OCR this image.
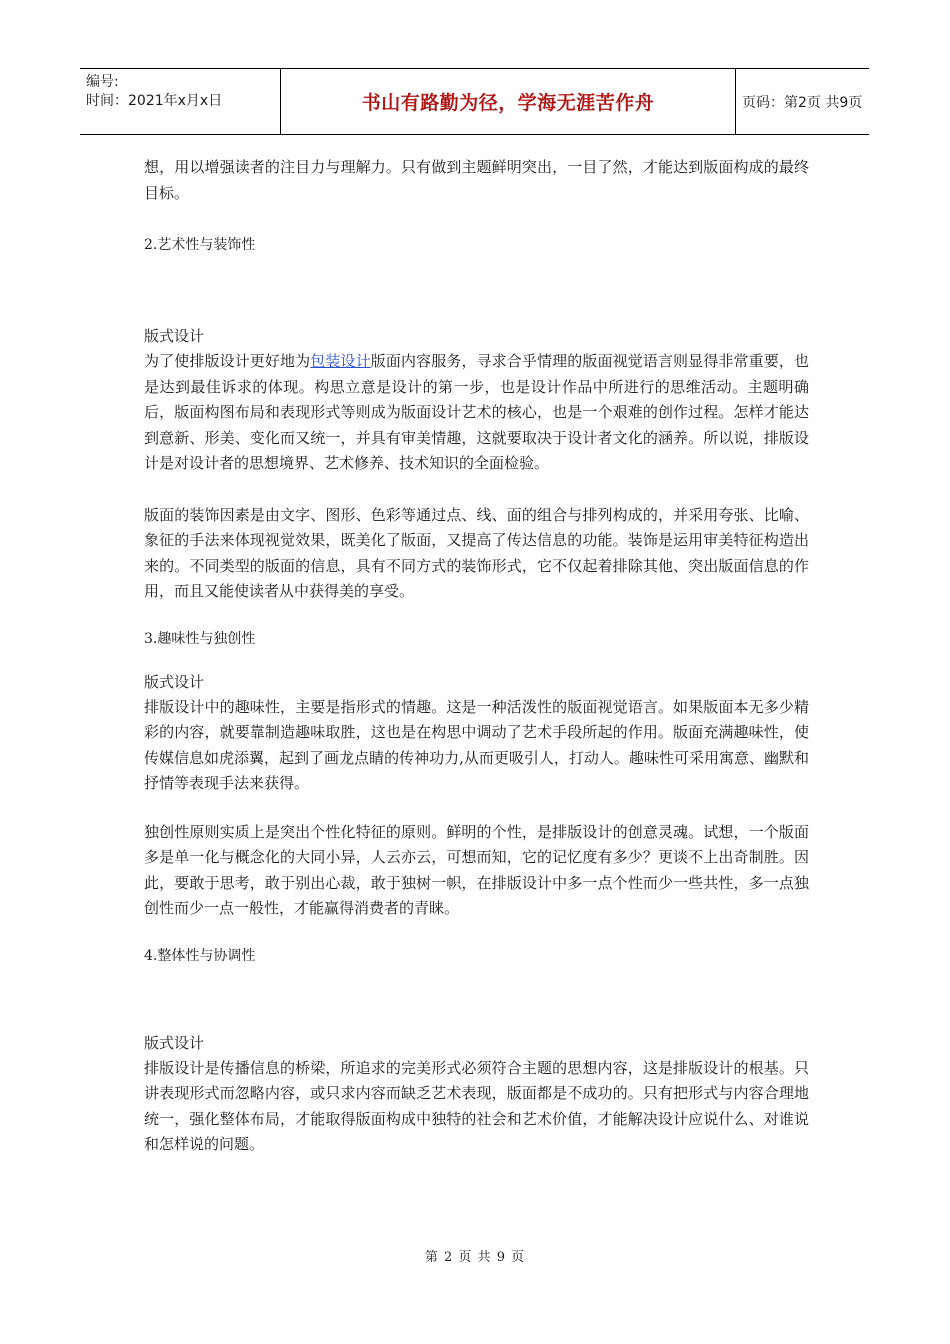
编号:
时间：2021年x月x日	书山有路勤为径，学海无涯苦作舟	页码：第2页 共9页

想，用以增强读者的注目力与理解力。只有做到主题鲜明突出，一目了然，才能达到版面构成的最终目标。

2.艺术性与装饰性

版式设计

为了使排版设计更好地为包装设计版面内容服务，寻求合乎情理的版面视觉语言则显得非常重要，也是达到最佳诉求的体现。构思立意是设计的第一步，也是设计作品中所进行的思维活动。主题明确后，版面构图布局和表现形式等则成为版面设计艺术的核心，也是一个艰难的创作过程。怎样才能达到意新、形美、变化而又统一，并具有审美情趣，这就要取决于设计者文化的涵养。所以说，排版设计是对设计者的思想境界、艺术修养、技术知识的全面检验。

版面的装饰因素是由文字、图形、色彩等通过点、线、面的组合与排列构成的，并采用夸张、比喻、象征的手法来体现视觉效果，既美化了版面，又提高了传达信息的功能。装饰是运用审美特征构造出来的。不同类型的版面的信息，具有不同方式的装饰形式，它不仅起着排除其他、突出版面信息的作用，而且又能使读者从中获得美的享受。

3.趣味性与独创性

版式设计

排版设计中的趣味性，主要是指形式的情趣。这是一种活泼性的版面视觉语言。如果版面本无多少精彩的内容，就要靠制造趣味取胜，这也是在构思中调动了艺术手段所起的作用。版面充满趣味性，使传媒信息如虎添翼，起到了画龙点睛的传神功力,从而更吸引人，打动人。趣味性可采用寓意、幽默和抒情等表现手法来获得。

独创性原则实质上是突出个性化特征的原则。鲜明的个性，是排版设计的创意灵魂。试想，一个版面多是单一化与概念化的大同小异，人云亦云，可想而知，它的记忆度有多少？更谈不上出奇制胜。因此，要敢于思考，敢于别出心裁，敢于独树一帜，在排版设计中多一点个性而少一些共性，多一点独创性而少一点一般性，才能赢得消费者的青睐。

4.整体性与协调性

版式设计

排版设计是传播信息的桥梁，所追求的完美形式必须符合主题的思想内容，这是排版设计的根基。只讲表现形式而忽略内容，或只求内容而缺乏艺术表现，版面都是不成功的。只有把形式与内容合理地统一，强化整体布局，才能取得版面构成中独特的社会和艺术价值，才能解决设计应说什么、对谁说和怎样说的问题。

第 2 页 共 9 页
